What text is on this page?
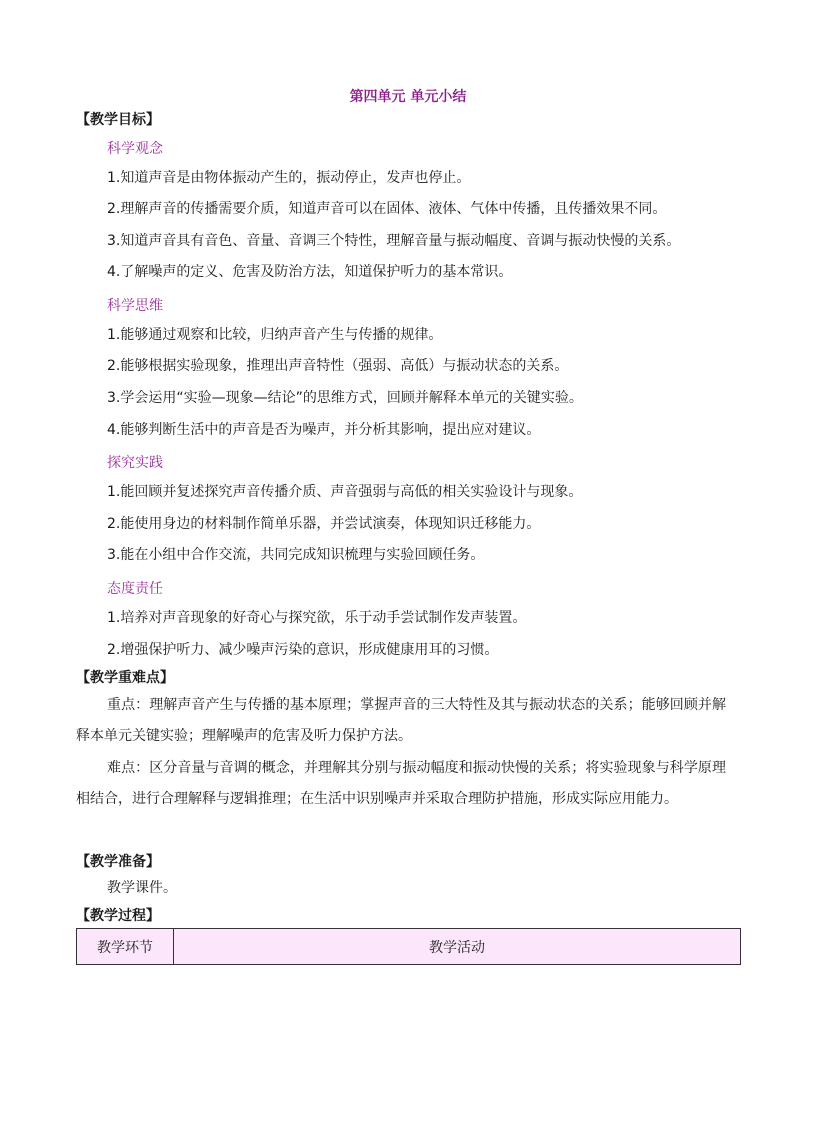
第四单元 单元小结
【教学目标】
科学观念
1.知道声音是由物体振动产生的，振动停止，发声也停止。
2.理解声音的传播需要介质，知道声音可以在固体、液体、气体中传播，且传播效果不同。
3.知道声音具有音色、音量、音调三个特性，理解音量与振动幅度、音调与振动快慢的关系。
4.了解噪声的定义、危害及防治方法，知道保护听力的基本常识。
科学思维
1.能够通过观察和比较，归纳声音产生与传播的规律。
2.能够根据实验现象，推理出声音特性（强弱、高低）与振动状态的关系。
3.学会运用“实验—现象—结论”的思维方式，回顾并解释本单元的关键实验。
4.能够判断生活中的声音是否为噪声，并分析其影响，提出应对建议。
探究实践
1.能回顾并复述探究声音传播介质、声音强弱与高低的相关实验设计与现象。
2.能使用身边的材料制作简单乐器，并尝试演奏，体现知识迁移能力。
3.能在小组中合作交流，共同完成知识梳理与实验回顾任务。
态度责任
1.培养对声音现象的好奇心与探究欲，乐于动手尝试制作发声装置。
2.增强保护听力、减少噪声污染的意识，形成健康用耳的习惯。
【教学重难点】
重点：理解声音产生与传播的基本原理；掌握声音的三大特性及其与振动状态的关系；能够回顾并解释本单元关键实验；理解噪声的危害及听力保护方法。
难点：区分音量与音调的概念，并理解其分别与振动幅度和振动快慢的关系；将实验现象与科学原理相结合，进行合理解释与逻辑推理；在生活中识别噪声并采取合理防护措施，形成实际应用能力。
【教学准备】
教学课件。
【教学过程】
教学环节	教学活动
